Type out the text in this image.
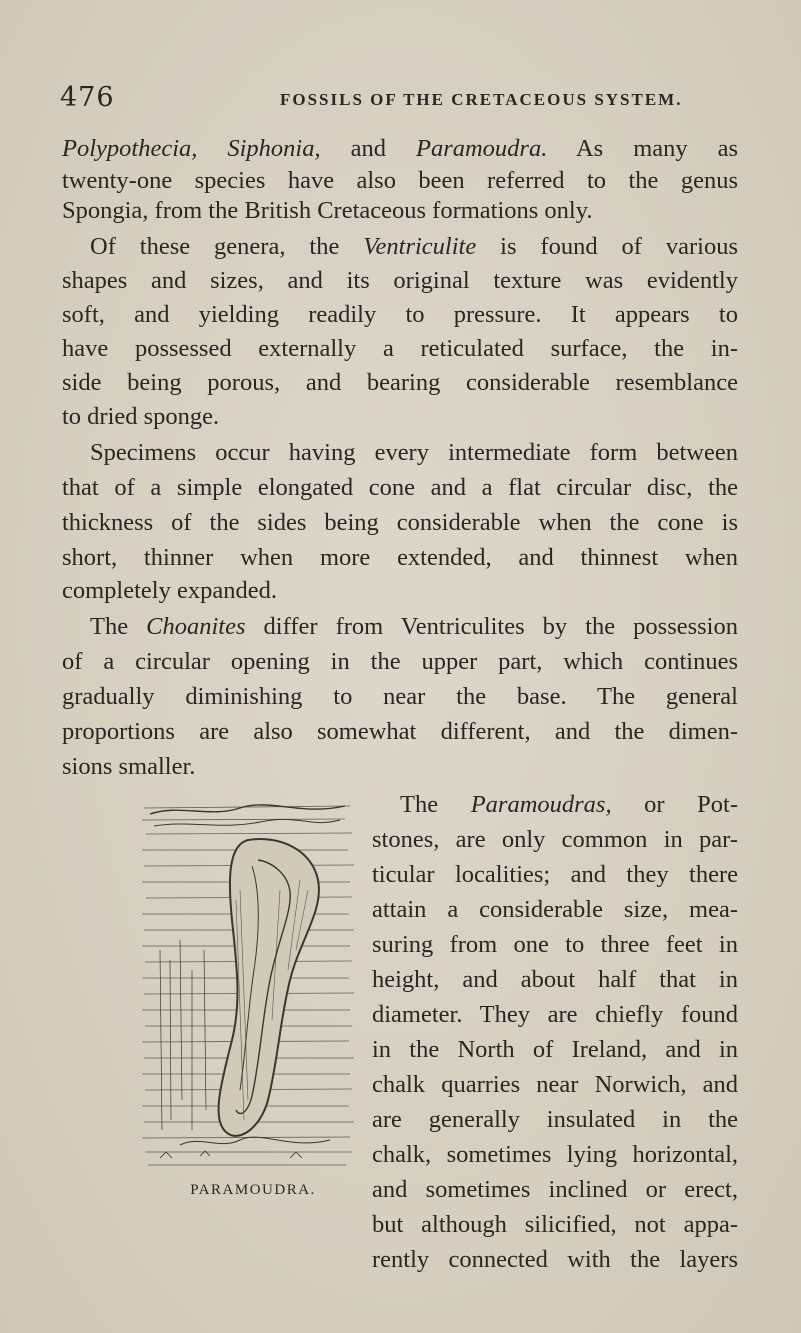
476	FOSSILS OF THE CRETACEOUS SYSTEM.
Polypothecia, Siphonia, and Paramoudra. As many as
twenty-one species have also been referred to the genus
Spongia, from the British Cretaceous formations only.
Of these genera, the Ventriculite is found of various
shapes and sizes, and its original texture was evidently
soft, and yielding readily to pressure. It appears to
have possessed externally a reticulated surface, the in-
side being porous, and bearing considerable resemblance
to dried sponge.
Specimens occur having every intermediate form between
that of a simple elongated cone and a flat circular disc, the
thickness of the sides being considerable when the cone is
short, thinner when more extended, and thinnest when
completely expanded.
The Choanites differ from Ventriculites by the possession
of a circular opening in the upper part, which continues
gradually diminishing to near the base. The general
proportions are also somewhat different, and the dimen-
sions smaller.
The Paramoudras, or Pot-
stones, are only common in par-
ticular localities; and they there
attain a considerable size, mea-
suring from one to three feet in
height, and about half that in
diameter. They are chiefly found
in the North of Ireland, and in
chalk quarries near Norwich, and
are generally insulated in the
chalk, sometimes lying horizontal,
and sometimes inclined or erect,
but although silicified, not appa-
rently connected with the layers
PARAMOUDRA.
